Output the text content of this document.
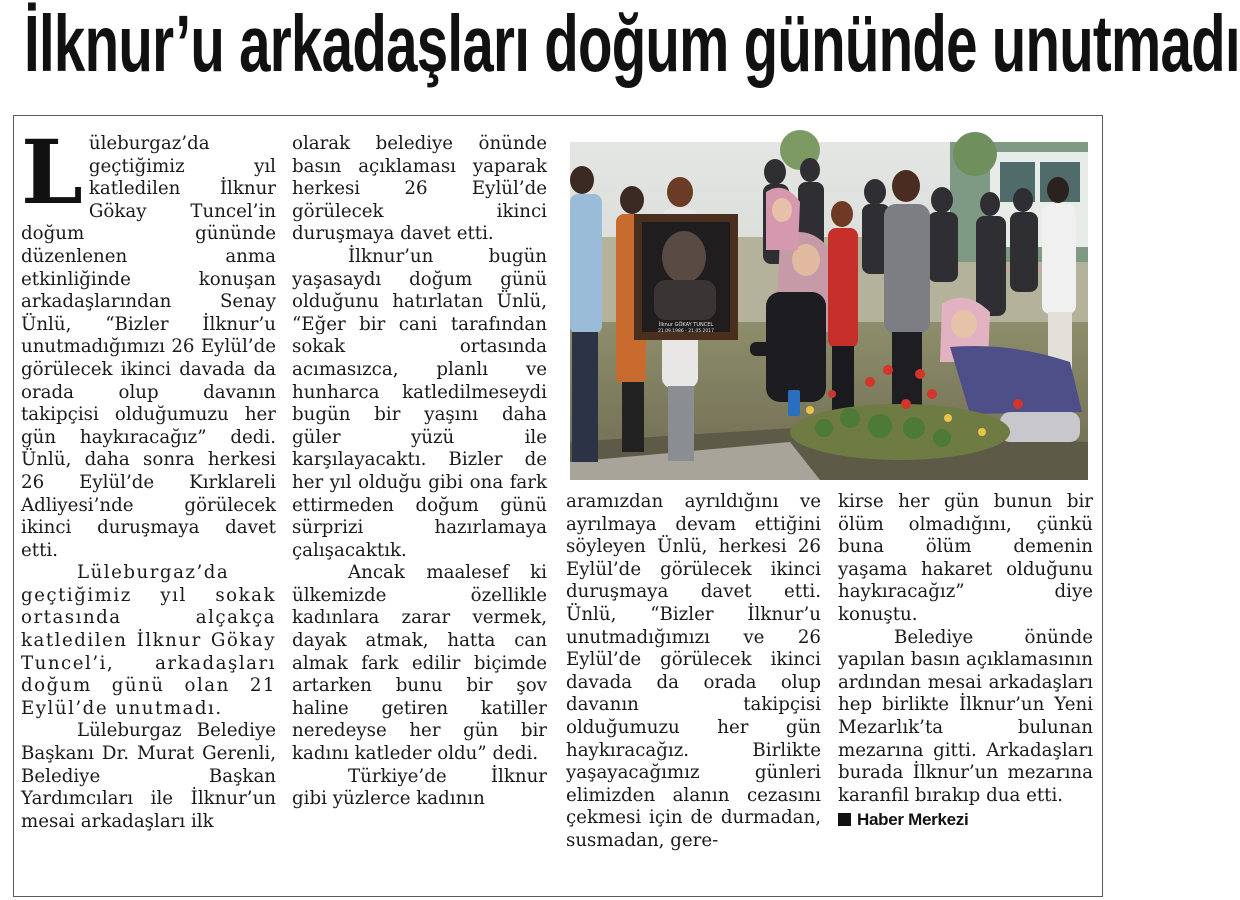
İlknur’u arkadaşları doğum gününde unutmadı

Lüleburgaz’da geçtiğimiz yıl katledilen İlknur Gökay Tuncel’in doğum gününde düzenlenen anma etkinliğinde konuşan arkadaşlarından Senay Ünlü, “Bizler İlknur’u unutmadığımızı 26 Eylül’de görülecek ikinci davada da orada olup davanın takipçisi olduğumuzu her gün haykıracağız” dedi. Ünlü, daha sonra herkesi 26 Eylül’de Kırklareli Adliyesi’nde görülecek ikinci duruşmaya davet etti.

Lüleburgaz’da geçtiğimiz yıl sokak ortasında alçakça katledilen İlknur Gökay Tuncel’i, arkadaşları doğum günü olan 21 Eylül’de unutmadı.

Lüleburgaz Belediye Başkanı Dr. Murat Gerenli, Belediye Başkan Yardımcıları ile İlknur’un mesai arkadaşları ilk

olarak belediye önünde basın açıklaması yaparak herkesi 26 Eylül’de görülecek ikinci duruşmaya davet etti.

İlknur’un bugün yaşasaydı doğum günü olduğunu hatırlatan Ünlü, “Eğer bir cani tarafından sokak ortasında acımasızca, planlı ve hunharca katledilmeseydi bugün bir yaşını daha güler yüzü ile karşılayacaktı. Bizler de her yıl olduğu gibi ona fark ettirmeden doğum günü sürprizi hazırlamaya çalışacaktık.

Ancak maalesef ki ülkemizde özellikle kadınlara zarar vermek, dayak atmak, hatta can almak fark edilir biçimde artarken bunu bir şov haline getiren katiller neredeyse her gün bir kadını katleder oldu” dedi.

Türkiye’de İlknur gibi yüzlerce kadının

İlknur GÖKAY TUNCEL
21.09.1986 - 21.05.2017

aramızdan ayrıldığını ve ayrılmaya devam ettiğini söyleyen Ünlü, herkesi 26 Eylül’de görülecek ikinci duruşmaya davet etti. Ünlü, “Bizler İlknur’u unutmadığımızı ve 26 Eylül’de görülecek ikinci davada da orada olup davanın takipçisi olduğumuzu her gün haykıracağız. Birlikte yaşayacağımız günleri elimizden alanın cezasını çekmesi için de durmadan, susmadan, gere-

kirse her gün bunun bir ölüm olmadığını, çünkü buna ölüm demenin yaşama hakaret olduğunu haykıracağız” diye konuştu.

Belediye önünde yapılan basın açıklamasının ardından mesai arkadaşları hep birlikte İlknur’un Yeni Mezarlık’ta bulunan mezarına gitti. Arkadaşları burada İlknur’un mezarına karanfil bırakıp dua etti.

Haber Merkezi
